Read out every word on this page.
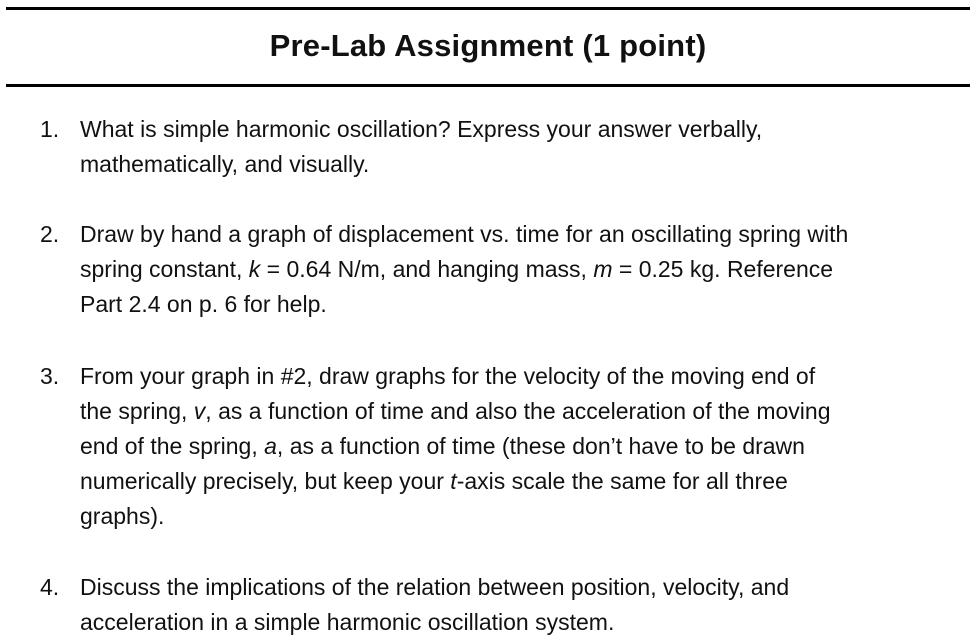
Pre-Lab Assignment (1 point)
1. What is simple harmonic oscillation? Express your answer verbally,
mathematically, and visually.
2. Draw by hand a graph of displacement vs. time for an oscillating spring with
spring constant, k = 0.64 N/m, and hanging mass, m = 0.25 kg. Reference
Part 2.4 on p. 6 for help.
3. From your graph in #2, draw graphs for the velocity of the moving end of
the spring, v, as a function of time and also the acceleration of the moving
end of the spring, a, as a function of time (these don’t have to be drawn
numerically precisely, but keep your t-axis scale the same for all three
graphs).
4. Discuss the implications of the relation between position, velocity, and
acceleration in a simple harmonic oscillation system.
